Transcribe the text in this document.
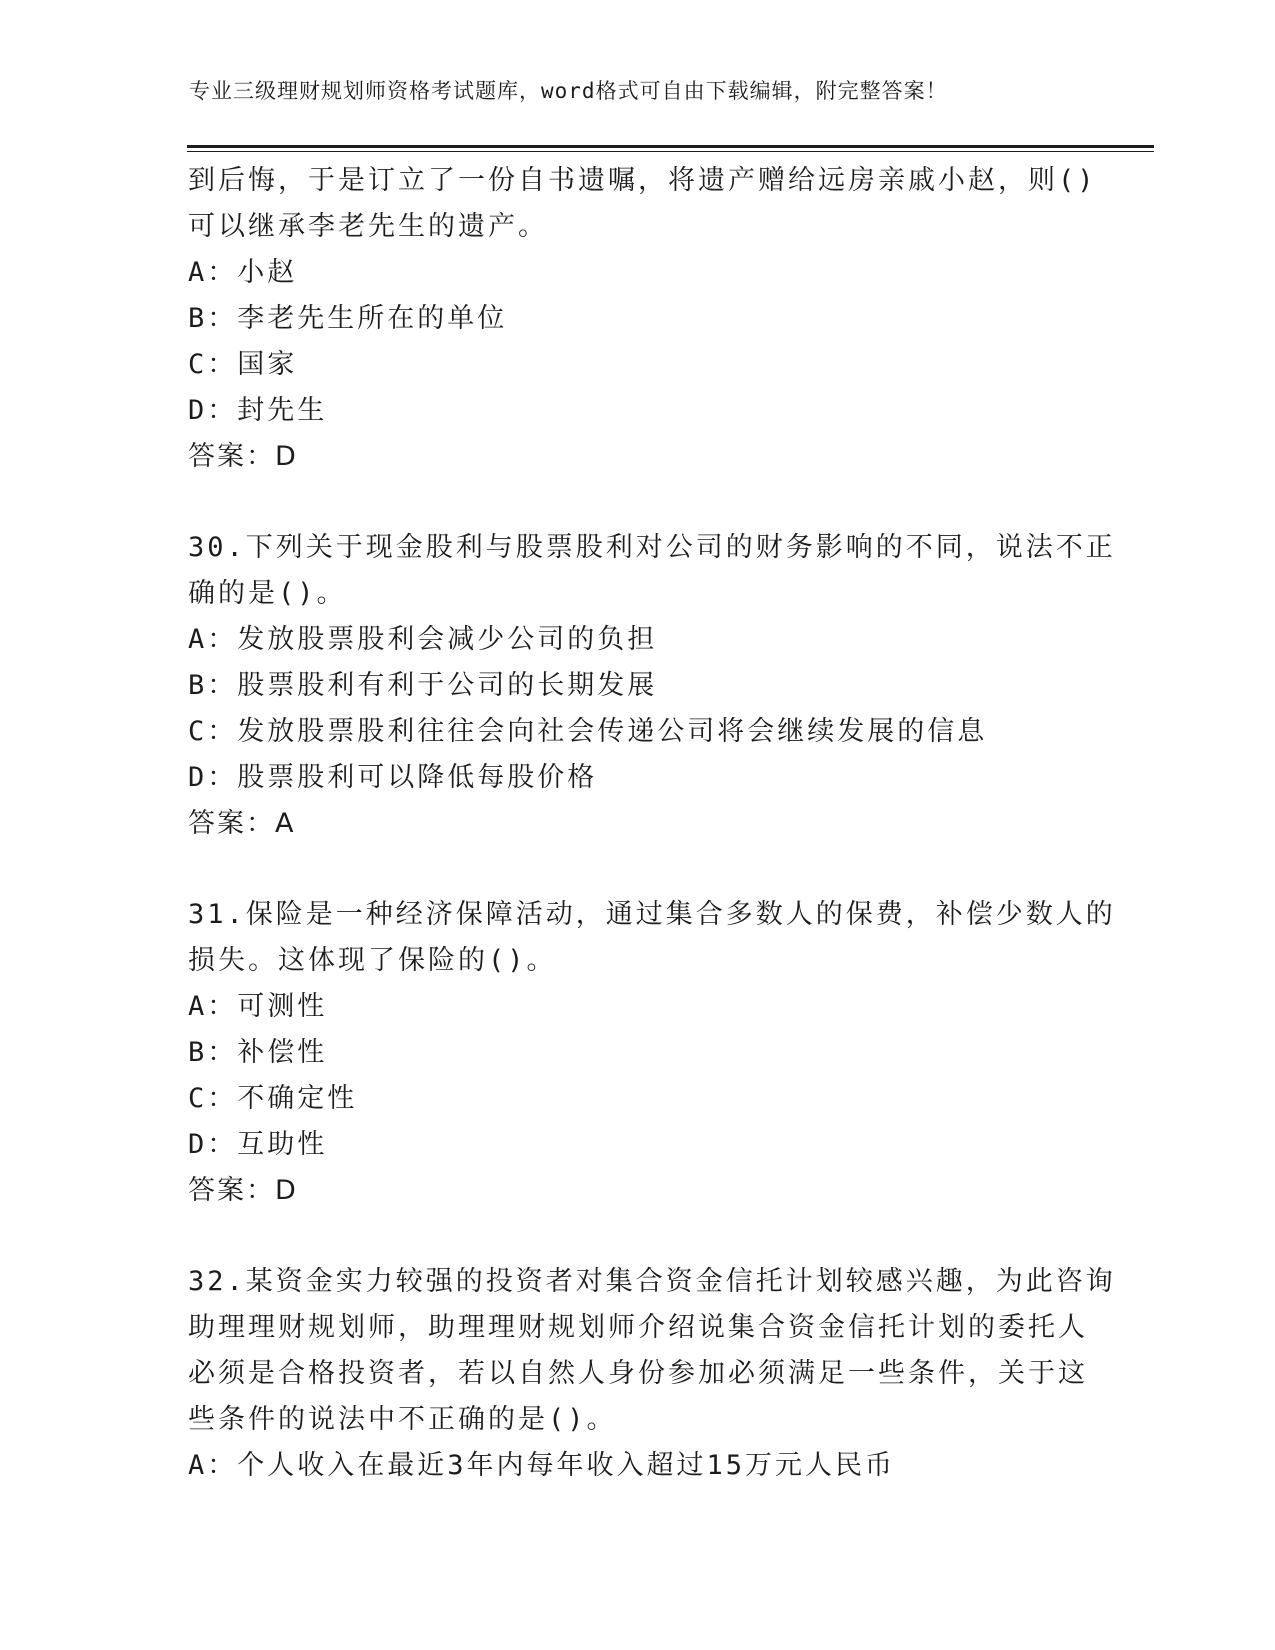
专业三级理财规划师资格考试题库，word格式可自由下载编辑，附完整答案！
到后悔，于是订立了一份自书遗嘱，将遗产赠给远房亲戚小赵，则()
可以继承李老先生的遗产。
A：小赵
B：李老先生所在的单位
C：国家
D：封先生
答案：D
30.下列关于现金股利与股票股利对公司的财务影响的不同，说法不正
确的是()。
A：发放股票股利会减少公司的负担
B：股票股利有利于公司的长期发展
C：发放股票股利往往会向社会传递公司将会继续发展的信息
D：股票股利可以降低每股价格
答案：A
31.保险是一种经济保障活动，通过集合多数人的保费，补偿少数人的
损失。这体现了保险的()。
A：可测性
B：补偿性
C：不确定性
D：互助性
答案：D
32.某资金实力较强的投资者对集合资金信托计划较感兴趣，为此咨询
助理理财规划师，助理理财规划师介绍说集合资金信托计划的委托人
必须是合格投资者，若以自然人身份参加必须满足一些条件，关于这
些条件的说法中不正确的是()。
A：个人收入在最近3年内每年收入超过15万元人民币
